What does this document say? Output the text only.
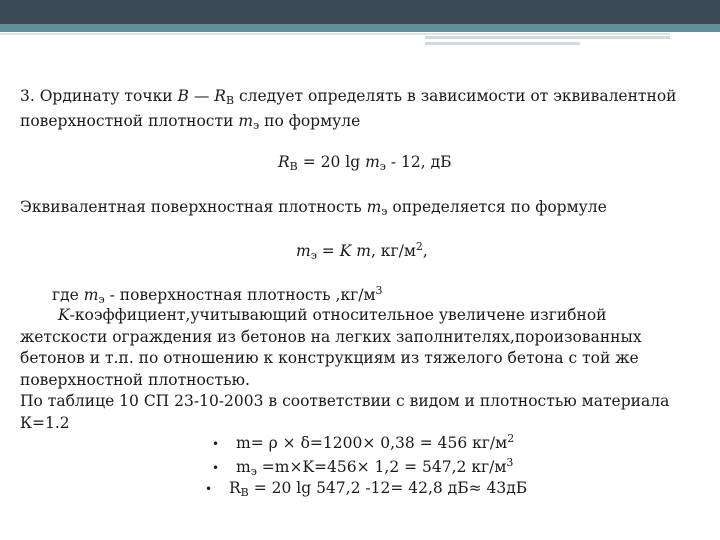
3. Ординату точки B — $R_B$ следует определять в зависимости от эквивалентной
поверхностной плотности $m_э$ по формуле
$R_B = 20$ $\lg m_э - 12$, дБ
Эквивалентная поверхностная плотность $m_э$ определяется по формуле
$m_э = K$ m, $кг/м^2$,
где $m_э$ - поверхностная плотность $,кг/м^3$
K-коэффициент,учитывающий относительное увеличене изгибной
жетскости ограждения из бетонов на легких заполнителях,пороизованных
бетонов и т.п. по отношению к конструкциям из тяжелого бетона с той же
поверхностной плотностью.
По таблице 10 СП 23-10-2003 в соответствии с видом и плотностью материала
К=1.2
• m= ρ × δ=1200× 0,38 = 456 $кг/м^2$
• $m_э =m\times K=456\times 1,2 = 547,2$ $кг/м^3$
• $R_B = 20$ lg 547,2 -12= 42,8 дБ≈ 43дБ
